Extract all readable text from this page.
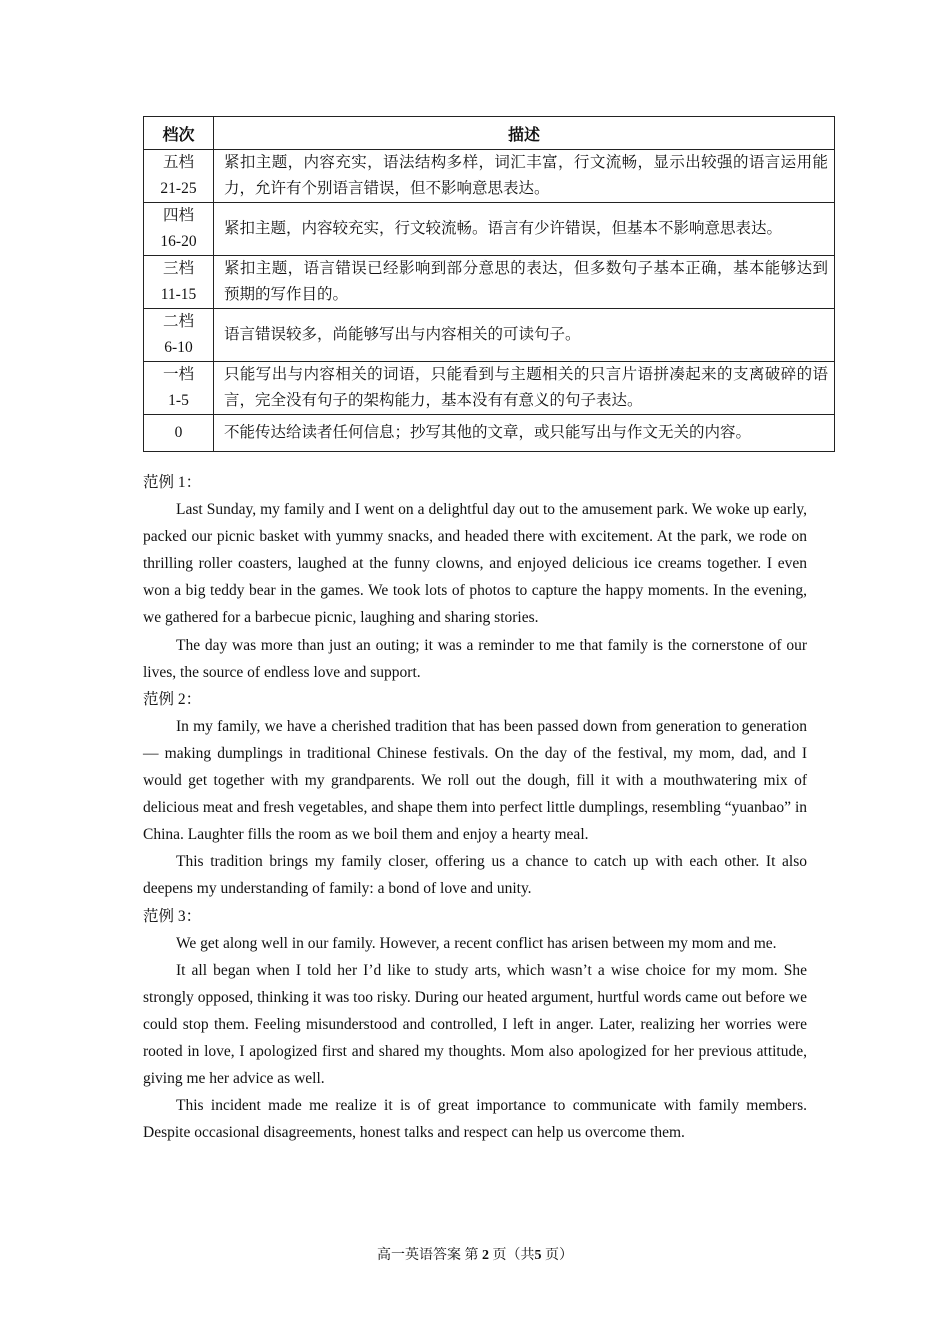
档次	描述

五档
21-25	紧扣主题，内容充实，语法结构多样，词汇丰富，行文流畅，显示出较强的语言运用能力，允许有个别语言错误，但不影响意思表达。

四档
16-20	紧扣主题，内容较充实，行文较流畅。语言有少许错误，但基本不影响意思表达。

三档
11-15	紧扣主题，语言错误已经影响到部分意思的表达，但多数句子基本正确，基本能够达到预期的写作目的。

二档
6-10	语言错误较多，尚能够写出与内容相关的可读句子。

一档
1-5	只能写出与内容相关的词语，只能看到与主题相关的只言片语拼凑起来的支离破碎的语言，完全没有句子的架构能力，基本没有有意义的句子表达。

0	不能传达给读者任何信息；抄写其他的文章，或只能写出与作文无关的内容。

范例 1：

Last Sunday, my family and I went on a delightful day out to the amusement park. We woke up early, packed our picnic basket with yummy snacks, and headed there with excitement. At the park, we rode on thrilling roller coasters, laughed at the funny clowns, and enjoyed delicious ice creams together. I even won a big teddy bear in the games. We took lots of photos to capture the happy moments. In the evening, we gathered for a barbecue picnic, laughing and sharing stories.

The day was more than just an outing; it was a reminder to me that family is the cornerstone of our lives, the source of endless love and support.

范例 2：

In my family, we have a cherished tradition that has been passed down from generation to generation — making dumplings in traditional Chinese festivals. On the day of the festival, my mom, dad, and I would get together with my grandparents. We roll out the dough, fill it with a mouthwatering mix of delicious meat and fresh vegetables, and shape them into perfect little dumplings, resembling “yuanbao” in China. Laughter fills the room as we boil them and enjoy a hearty meal.

This tradition brings my family closer, offering us a chance to catch up with each other. It also deepens my understanding of family: a bond of love and unity.

范例 3：

We get along well in our family. However, a recent conflict has arisen between my mom and me.

It all began when I told her I’d like to study arts, which wasn’t a wise choice for my mom. She strongly opposed, thinking it was too risky. During our heated argument, hurtful words came out before we could stop them. Feeling misunderstood and controlled, I left in anger. Later, realizing her worries were rooted in love, I apologized first and shared my thoughts. Mom also apologized for her previous attitude, giving me her advice as well.

This incident made me realize it is of great importance to communicate with family members. Despite occasional disagreements, honest talks and respect can help us overcome them.

高一英语答案 第 2 页（共5 页）
